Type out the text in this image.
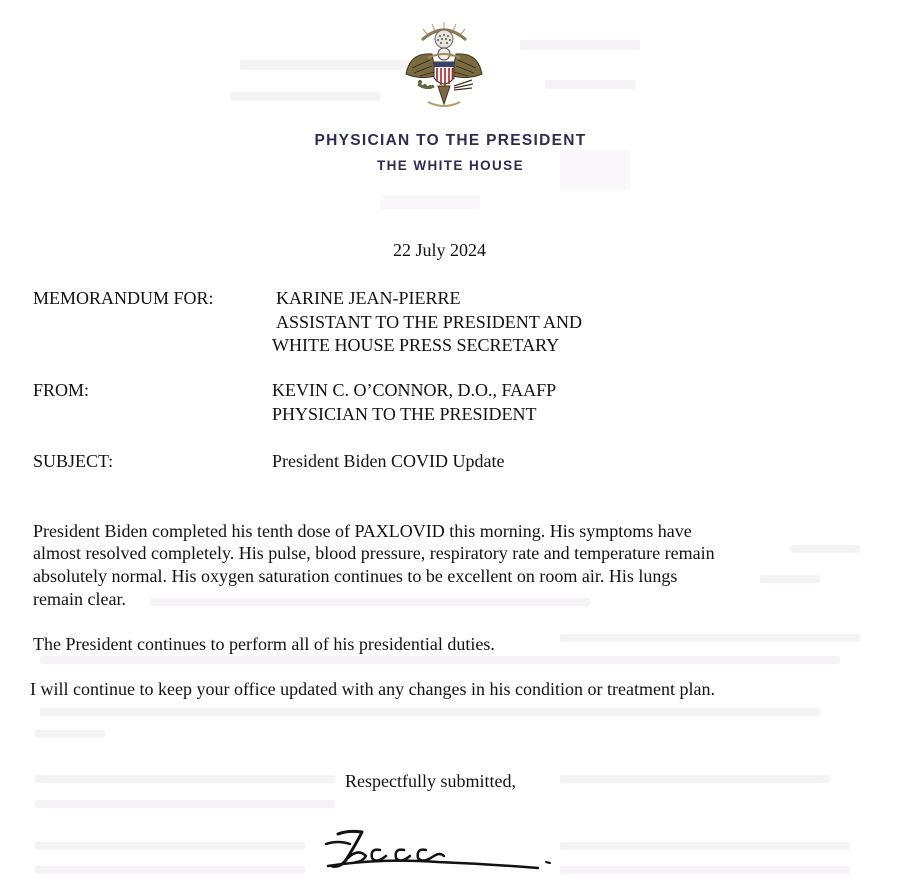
PHYSICIAN TO THE PRESIDENT
THE WHITE HOUSE
22 July 2024
MEMORANDUM FOR:	KARINE JEAN-PIERRE
ASSISTANT TO THE PRESIDENT AND
WHITE HOUSE PRESS SECRETARY
FROM:	KEVIN C. O’CONNOR, D.O., FAAFP
PHYSICIAN TO THE PRESIDENT
SUBJECT:	President Biden COVID Update
President Biden completed his tenth dose of PAXLOVID this morning. His symptoms have
almost resolved completely. His pulse, blood pressure, respiratory rate and temperature remain
absolutely normal. His oxygen saturation continues to be excellent on room air. His lungs
remain clear.
The President continues to perform all of his presidential duties.
I will continue to keep your office updated with any changes in his condition or treatment plan.
Respectfully submitted,
